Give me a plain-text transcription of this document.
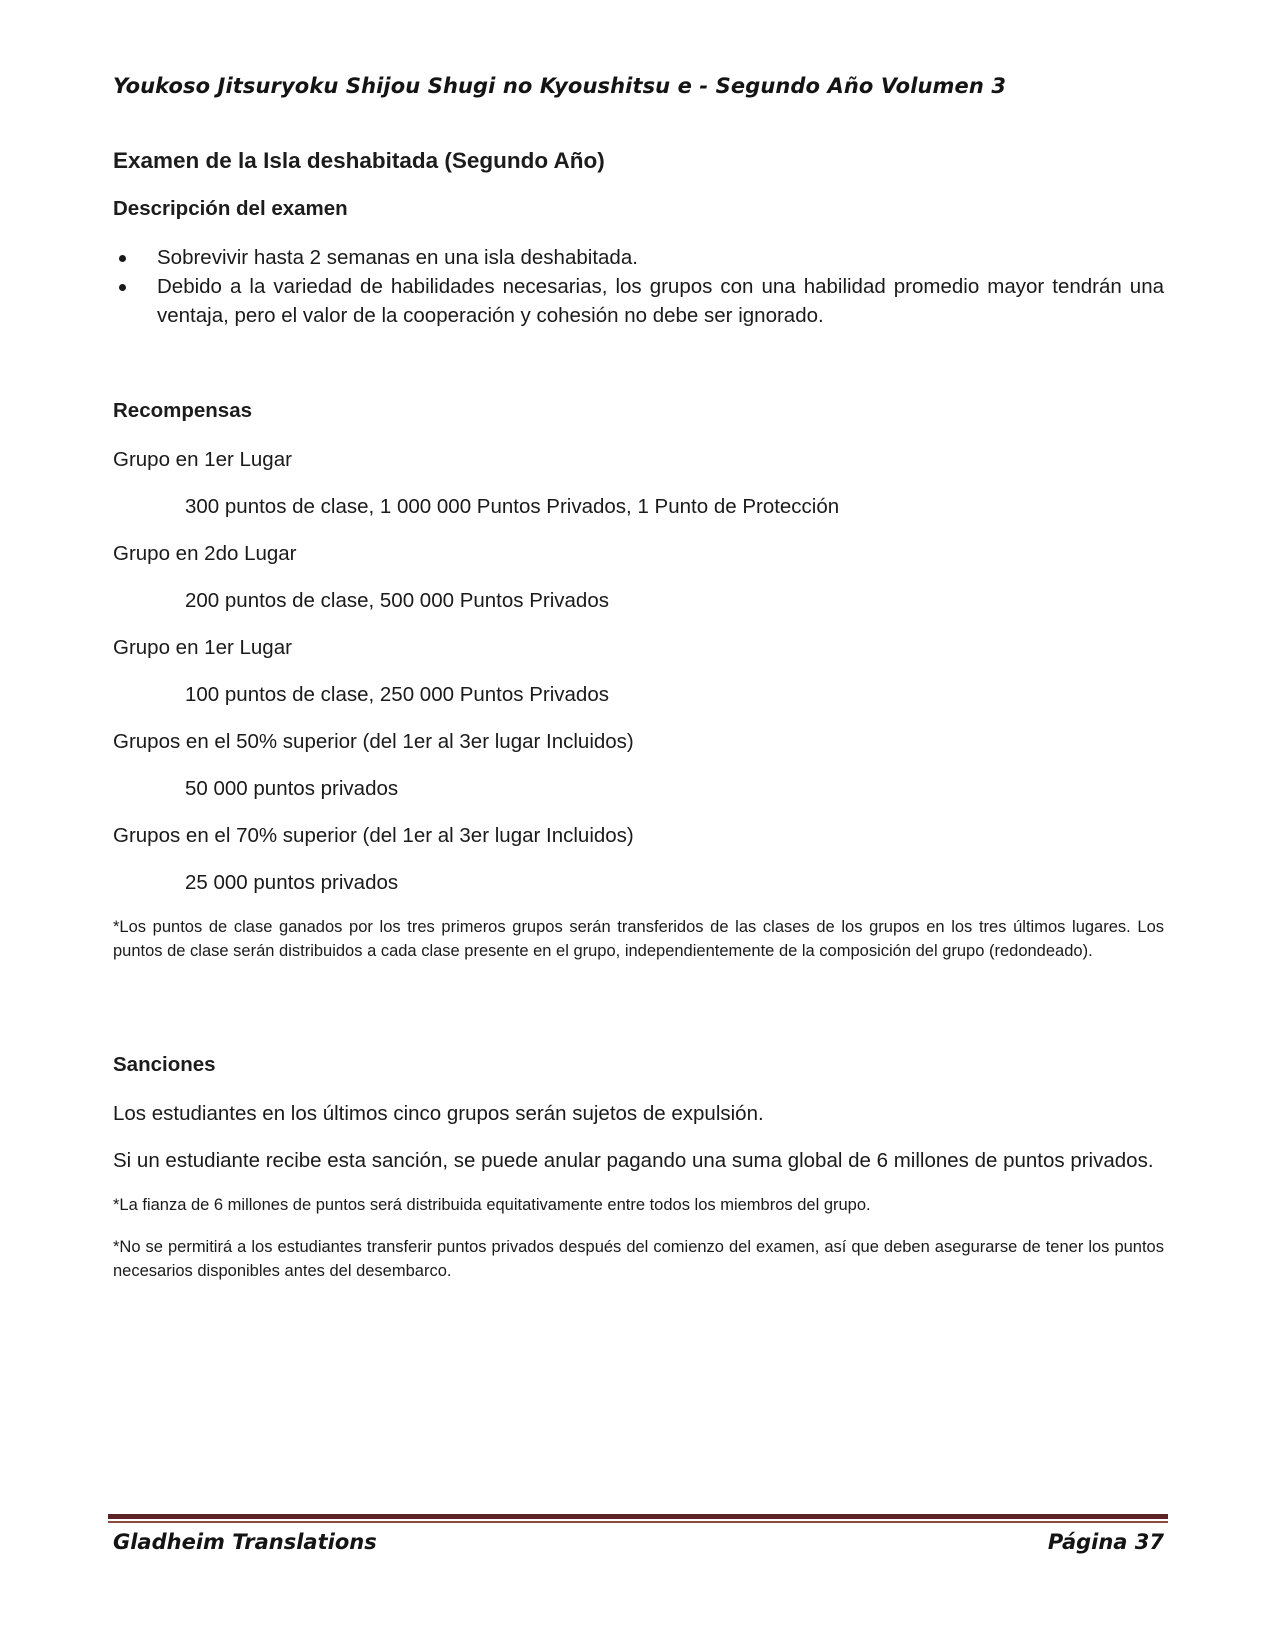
Youkoso Jitsuryoku Shijou Shugi no Kyoushitsu e - Segundo Año Volumen 3
Examen de la Isla deshabitada (Segundo Año)
Descripción del examen
Sobrevivir hasta 2 semanas en una isla deshabitada.
Debido a la variedad de habilidades necesarias, los grupos con una habilidad promedio mayor tendrán una ventaja, pero el valor de la cooperación y cohesión no debe ser ignorado.
Recompensas
Grupo en 1er Lugar
300 puntos de clase, 1 000 000 Puntos Privados, 1 Punto de Protección
Grupo en 2do Lugar
200 puntos de clase, 500 000 Puntos Privados
Grupo en 1er Lugar
100 puntos de clase, 250 000 Puntos Privados
Grupos en el 50% superior (del 1er al 3er lugar Incluidos)
50 000 puntos privados
Grupos en el 70% superior (del 1er al 3er lugar Incluidos)
25 000 puntos privados
*Los puntos de clase ganados por los tres primeros grupos serán transferidos de las clases de los grupos en los tres últimos lugares. Los puntos de clase serán distribuidos a cada clase presente en el grupo, independientemente de la composición del grupo (redondeado).
Sanciones
Los estudiantes en los últimos cinco grupos serán sujetos de expulsión.
Si un estudiante recibe esta sanción, se puede anular pagando una suma global de 6 millones de puntos privados.
*La fianza de 6 millones de puntos será distribuida equitativamente entre todos los miembros del grupo.
*No se permitirá a los estudiantes transferir puntos privados después del comienzo del examen, así que deben asegurarse de tener los puntos necesarios disponibles antes del desembarco.
Gladheim Translations	Página 37
